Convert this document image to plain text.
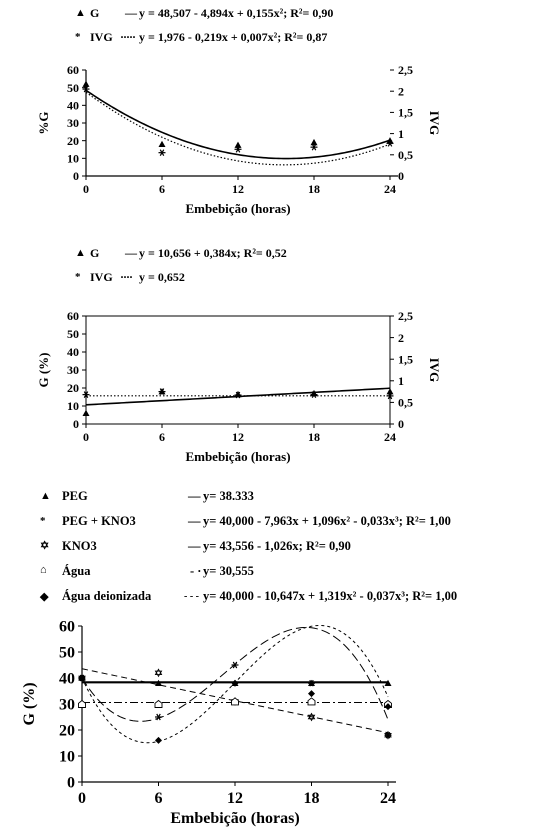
▲ G — y = 48,507 - 4,894x + 0,155x²; R²= 0,90
* IVG ····· y = 1,976 - 0,219x + 0,007x²; R²= 0,87
▲ G — y = 10,656 + 0,384x; R²= 0,52
* IVG ···· y = 0,652
▲ PEG	— y= 38.333
* PEG + KNO3	— y= 40,000 - 7,963x + 1,096x² - 0,033x³; R²= 1,00
✡ KNO3	— y= 43,556 - 1,026x; R²= 0,90
⌂ Água	- · y= 30,555
◆ Água deionizada	- - - y= 40,000 - 10,647x + 1,319x² - 0,037x³; R²= 1,00
0
10
20
30
40
50
60
0
0,5
1
1,5
2
2,5
0	6	12	18	24
Embebição (horas)
%G	IVG
0
10
20
30
40
50
60
0
0,5
1
1,5
2
2,5
0	6	12	18	24
Embebição (horas)
G (%)	IVG
0
10
20
30
40
50
60
0	6	12	18	24
Embebição (horas)
G (%)
